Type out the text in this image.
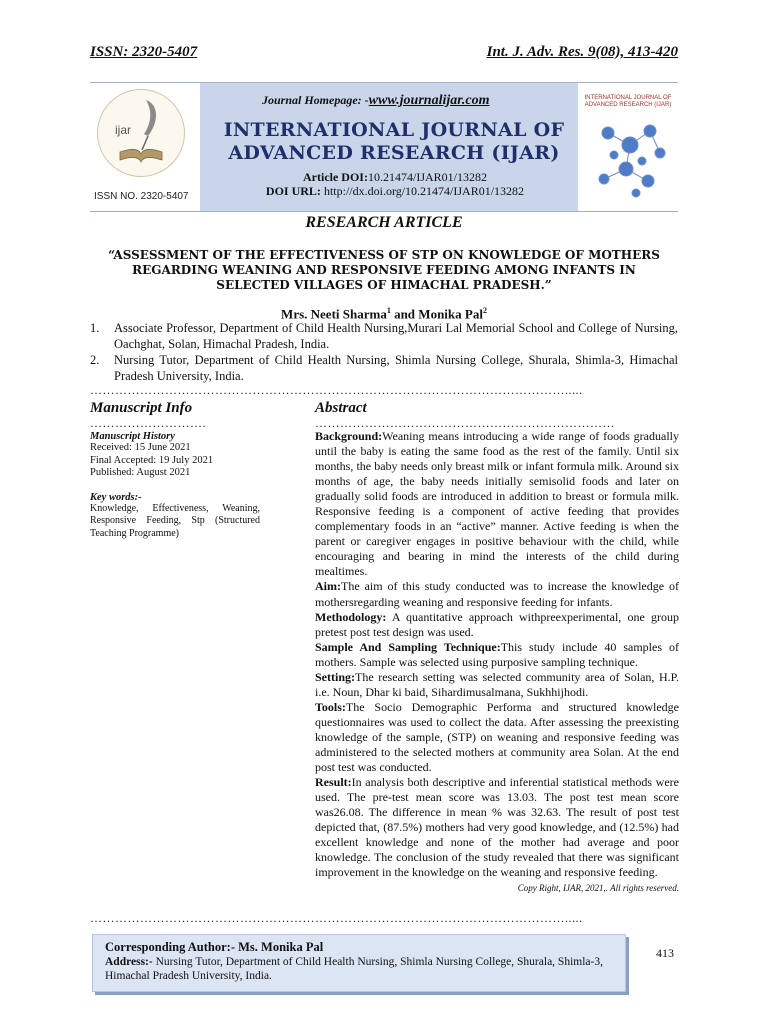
ISSN: 2320-5407	Int. J. Adv. Res. 9(08), 413-420
ijar
ISSN NO. 2320-5407
Journal Homepage: -www.journalijar.com
INTERNATIONAL JOURNAL OF ADVANCED RESEARCH (IJAR)
Article DOI:10.21474/IJAR01/13282
DOI URL: http://dx.doi.org/10.21474/IJAR01/13282
INTERNATIONAL JOURNAL OF ADVANCED RESEARCH (IJAR)
RESEARCH ARTICLE
“ASSESSMENT OF THE EFFECTIVENESS OF STP ON KNOWLEDGE OF MOTHERS REGARDING WEANING AND RESPONSIVE FEEDING AMONG INFANTS IN SELECTED VILLAGES OF HIMACHAL PRADESH.”
Mrs. Neeti Sharma$^1$ and Monika Pal$^2$
1.	Associate Professor, Department of Child Health Nursing,Murari Lal Memorial School and College of Nursing, Oachghat, Solan, Himachal Pradesh, India.
2.	Nursing Tutor, Department of Child Health Nursing, Shimla Nursing College, Shurala, Shimla-3, Himachal Pradesh University, India.
…………………………………………………………………………………………………….....
Manuscript Info
……………………….
Manuscript History
Received: 15 June 2021
Final Accepted: 19 July 2021
Published: August 2021
Key words:-
Knowledge, Effectiveness, Weaning, Responsive Feeding, Stp (Structured Teaching Programme)
Abstract
………………………………………………………………

Background:Weaning means introducing a wide range of foods gradually until the baby is eating the same food as the rest of the family. Until six months, the baby needs only breast milk or infant formula milk. Around six months of age, the baby needs initially semisolid foods and later on gradually solid foods are introduced in addition to breast or formula milk. Responsive feeding is a component of active feeding that provides complementary foods in an “active” manner. Active feeding is when the parent or caregiver engages in positive behaviour with the child, while encouraging and bearing in mind the interests of the child during mealtimes.

Aim:The aim of this study conducted was to increase the knowledge of mothersregarding weaning and responsive feeding for infants.

Methodology: A quantitative approach withpreexperimental, one group pretest post test design was used.

Sample And Sampling Technique:This study include 40 samples of mothers. Sample was selected using purposive sampling technique.

Setting:The research setting was selected community area of Solan, H.P. i.e. Noun, Dhar ki baid, Sihardimusalmana, Sukhhijhodi.

Tools:The Socio Demographic Performa and structured knowledge questionnaires was used to collect the data. After assessing the preexisting knowledge of the sample, (STP) on weaning and responsive feeding was administered to the selected mothers at community area Solan. At the end post test was conducted.

Result:In analysis both descriptive and inferential statistical methods were used. The pre-test mean score was 13.03. The post test mean score was26.08. The difference in mean % was 32.63. The result of post test depicted that, (87.5%) mothers had very good knowledge, and (12.5%) had excellent knowledge and none of the mother had average and poor knowledge. The conclusion of the study revealed that there was significant improvement in the knowledge on the weaning and responsive feeding.

Copy Right, IJAR, 2021,. All rights reserved.
…………………………………………………………………………………………………….....
Corresponding Author:- Ms. Monika Pal
Address:- Nursing Tutor, Department of Child Health Nursing, Shimla Nursing College, Shurala, Shimla-3, Himachal Pradesh University, India.
413
